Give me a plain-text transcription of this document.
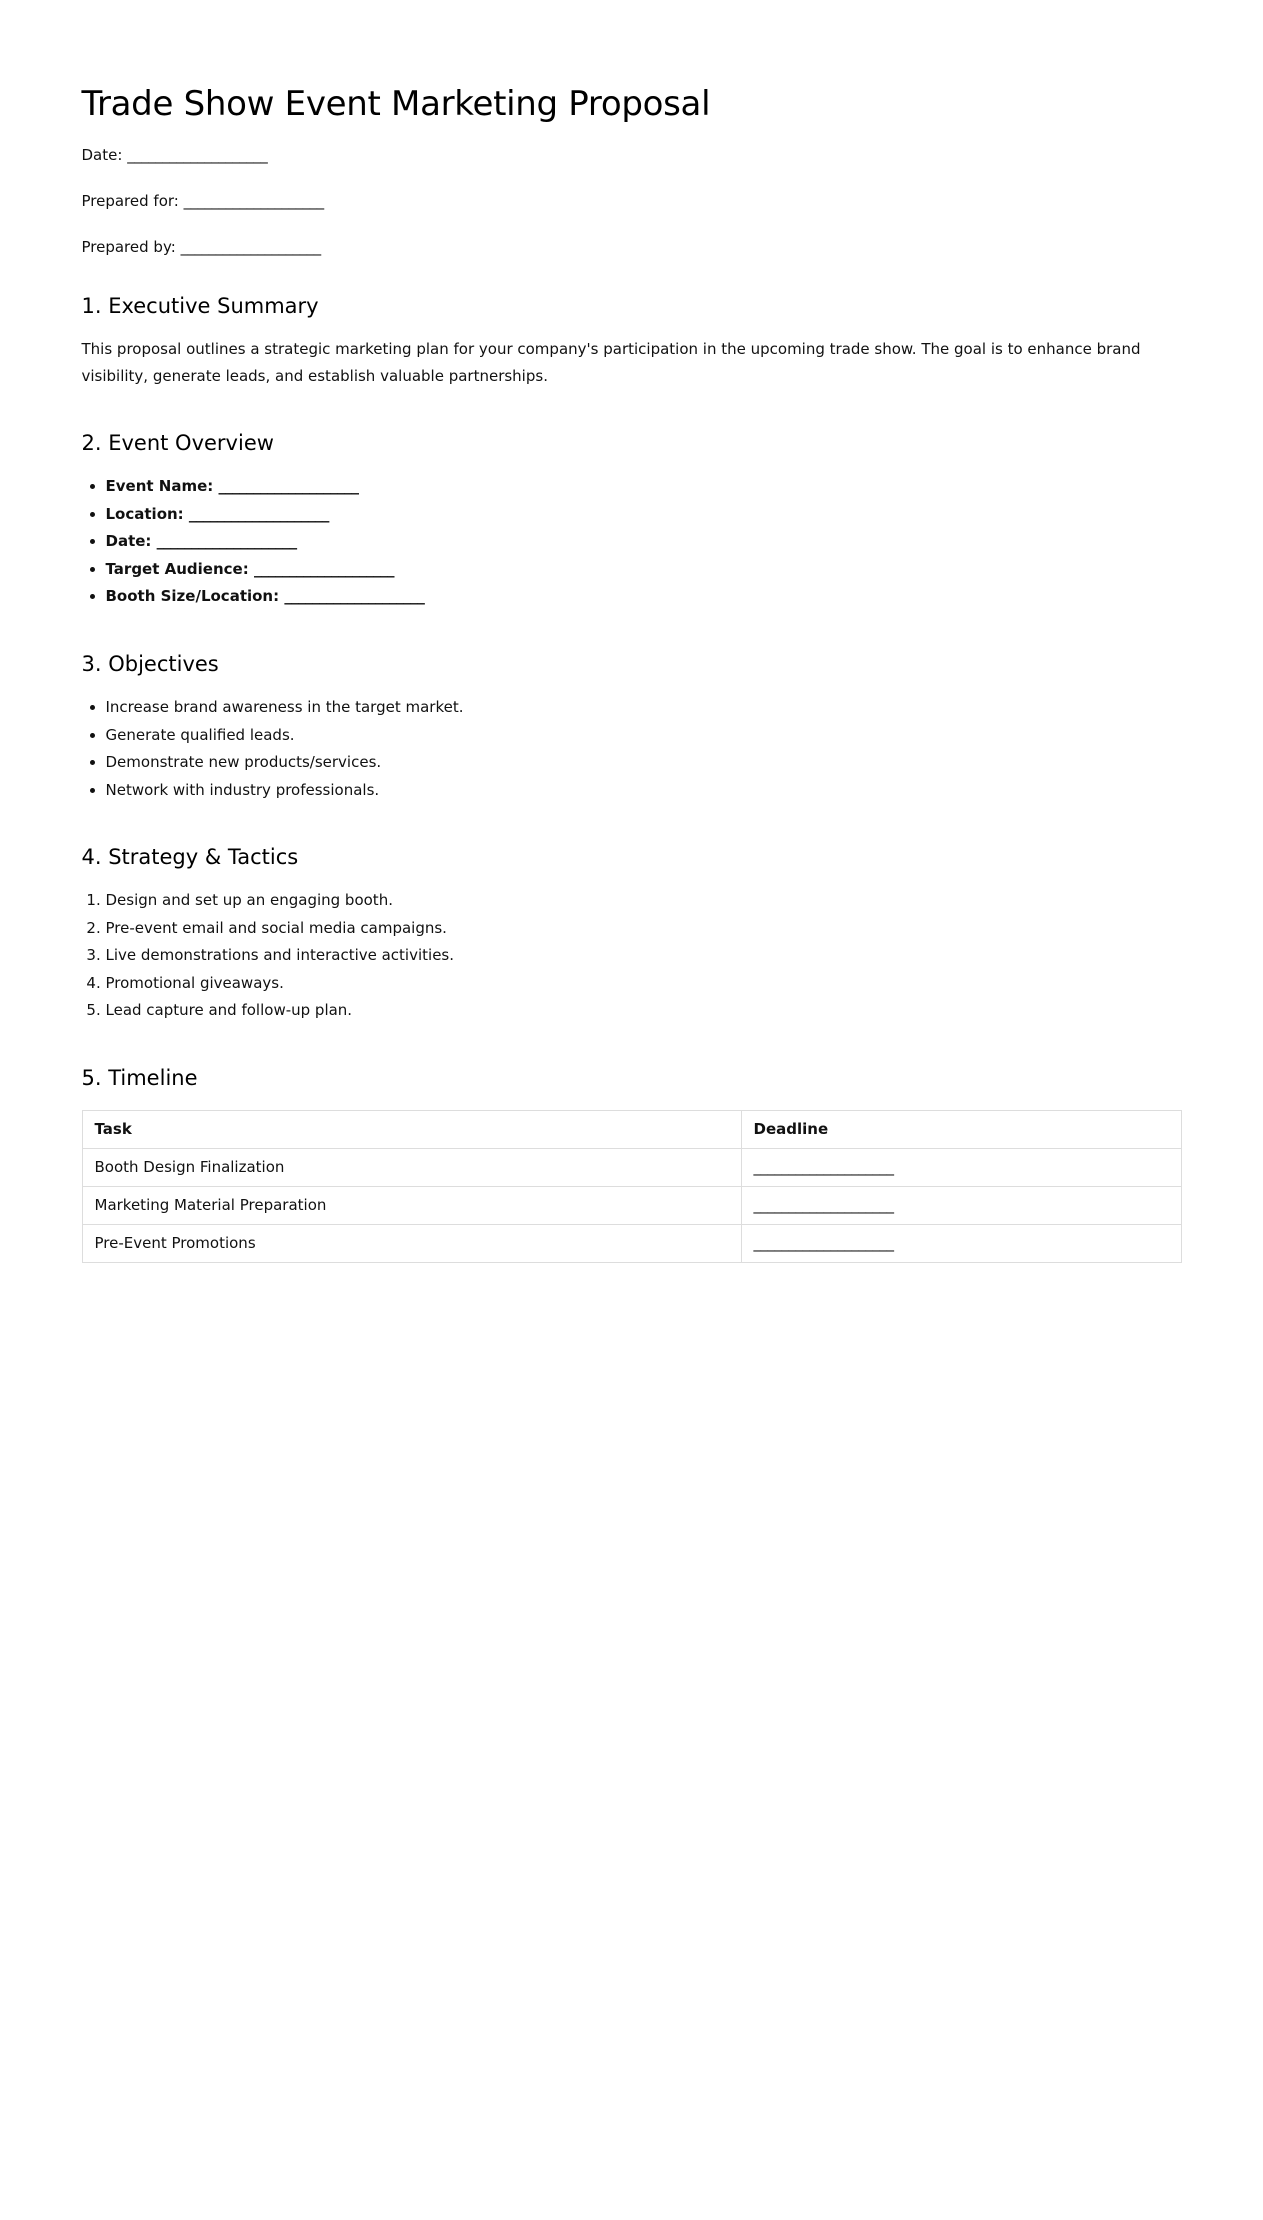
Trade Show Event Marketing Proposal

Date: ____________________

Prepared for: ____________________

Prepared by: ____________________

1. Executive Summary

This proposal outlines a strategic marketing plan for your company's participation in the upcoming trade show. The goal is to enhance brand visibility, generate leads, and establish valuable partnerships.

2. Event Overview
• Event Name: ____________________
• Location: ____________________
• Date: ____________________
• Target Audience: ____________________
• Booth Size/Location: ____________________
3. Objectives
• Increase brand awareness in the target market.
• Generate qualified leads.
• Demonstrate new products/services.
• Network with industry professionals.
4. Strategy & Tactics
1. Design and set up an engaging booth.
2. Pre-event email and social media campaigns.
3. Live demonstrations and interactive activities.
4. Promotional giveaways.
5. Lead capture and follow-up plan.
5. Timeline
Task	Deadline
Booth Design Finalization	____________________
Marketing Material Preparation	____________________
Pre-Event Promotions	____________________
